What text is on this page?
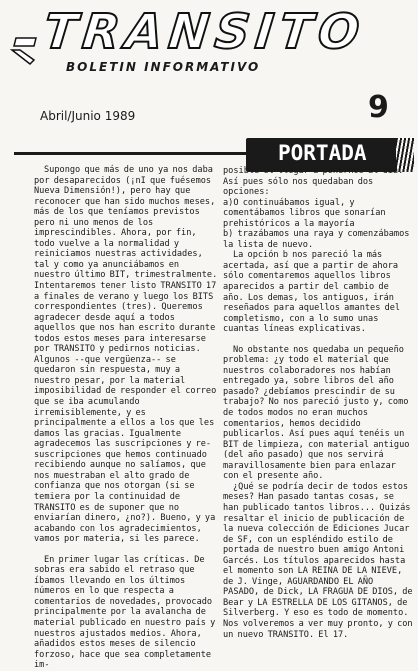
TRANSITO
BOLETIN INFORMATIVO
Abril/Junio 1989	9
PORTADA

Supongo que más de uno ya nos daba por desaparecidos (¡nI que fuésemos Nueva Dimensión!), pero hay que reconocer que han sido muchos meses, más de los que teníamos previstos pero ni uno menos de los imprescindibles. Ahora, por fin, todo vuelve a la normalidad y reiniciamos nuestras actividades, tal y como ya anunciábamos en nuestro último BIT, trimestralmente. Intentaremos tener listo TRANSITO 17 a finales de verano y luego los BITS correspondientes (tres). Queremos agradecer desde aquí a todos aquellos que nos han escrito durante todos estos meses para interesarse por TRANSITO y pedirnos noticias. Algunos --que vergüenza-- se quedaron sin respuesta, muy a nuestro pesar, por la material imposibilidad de responder el correo que se iba acumulando irremisiblemente, y es principalmente a ellos a los que les damos las gracias. Igualmente agradecemos las suscripciones y re-suscripciones que hemos continuado recibiendo aunque no salíamos, que nos muestraban el alto grado de confianza que nos otorgan (si se temiera por la continuidad de TRANSITO es de suponer que no enviarían dinero, ¿no?). Bueno, y ya acabando con los agradecimientos, vamos por materia, si les parece.

En primer lugar las críticas. De sobras era sabido el retraso que íbamos llevando en los últimos números en lo que respecta a comentarios de novedades, provocado principalmente por la avalancha de material publicado en nuestro país y nuestros ajustados medios. Ahora, añadidos estos meses de silencio forzoso, hace que sea completamente im-

posible el llegar a ponernos al día. Así pues sólo nos quedaban dos opciones:

a)O continuábamos igual, y comentábamos libros que sonarían prehistóricos a la mayoría

b) trazábamos una raya y comenzábamos la lista de nuevo.

La opción b nos pareció la más acertada, así que a partir de ahora sólo comentaremos aquellos libros aparecidos a partir del cambio de año. Los demas, los antiguos, irán reseñados para aquellos amantes del completismo, con a lo sumo unas cuantas líneas explicativas.

No obstante nos quedaba un pequeño problema: ¿y todo el material que nuestros colaboradores nos habían entregado ya, sobre libros del año pasado? ¿debíamos prescindir de su trabajo? No nos pareció justo y, como de todos modos no eran muchos comentarios, hemos decidido publicarlos. Así pues aquí tenéis un BIT de limpieza, con material antiguo (del año pasado) que nos servirá maravillosamente bien para enlazar con el presente año.

¿Qué se podría decir de todos estos meses? Han pasado tantas cosas, se han publicado tantos libros... Quizás resaltar el inicio de publicación de la nueva colección de Ediciones Jucar de SF, con un espléndido estilo de portada de nuestro buen amigo Antoni Garcés. Los títulos aparecidos hasta el momento son LA REINA DE LA NIEVE, de J. Vinge, AGUARDANDO EL AÑO PASADO, de Dick, LA FRAGUA DE DIOS, de Bear y LA ESTRELLA DE LOS GITANOS, de Silverberg. Y eso es todo de momento. Nos volveremos a ver muy pronto, y con un nuevo TRANSITO. El 17.
